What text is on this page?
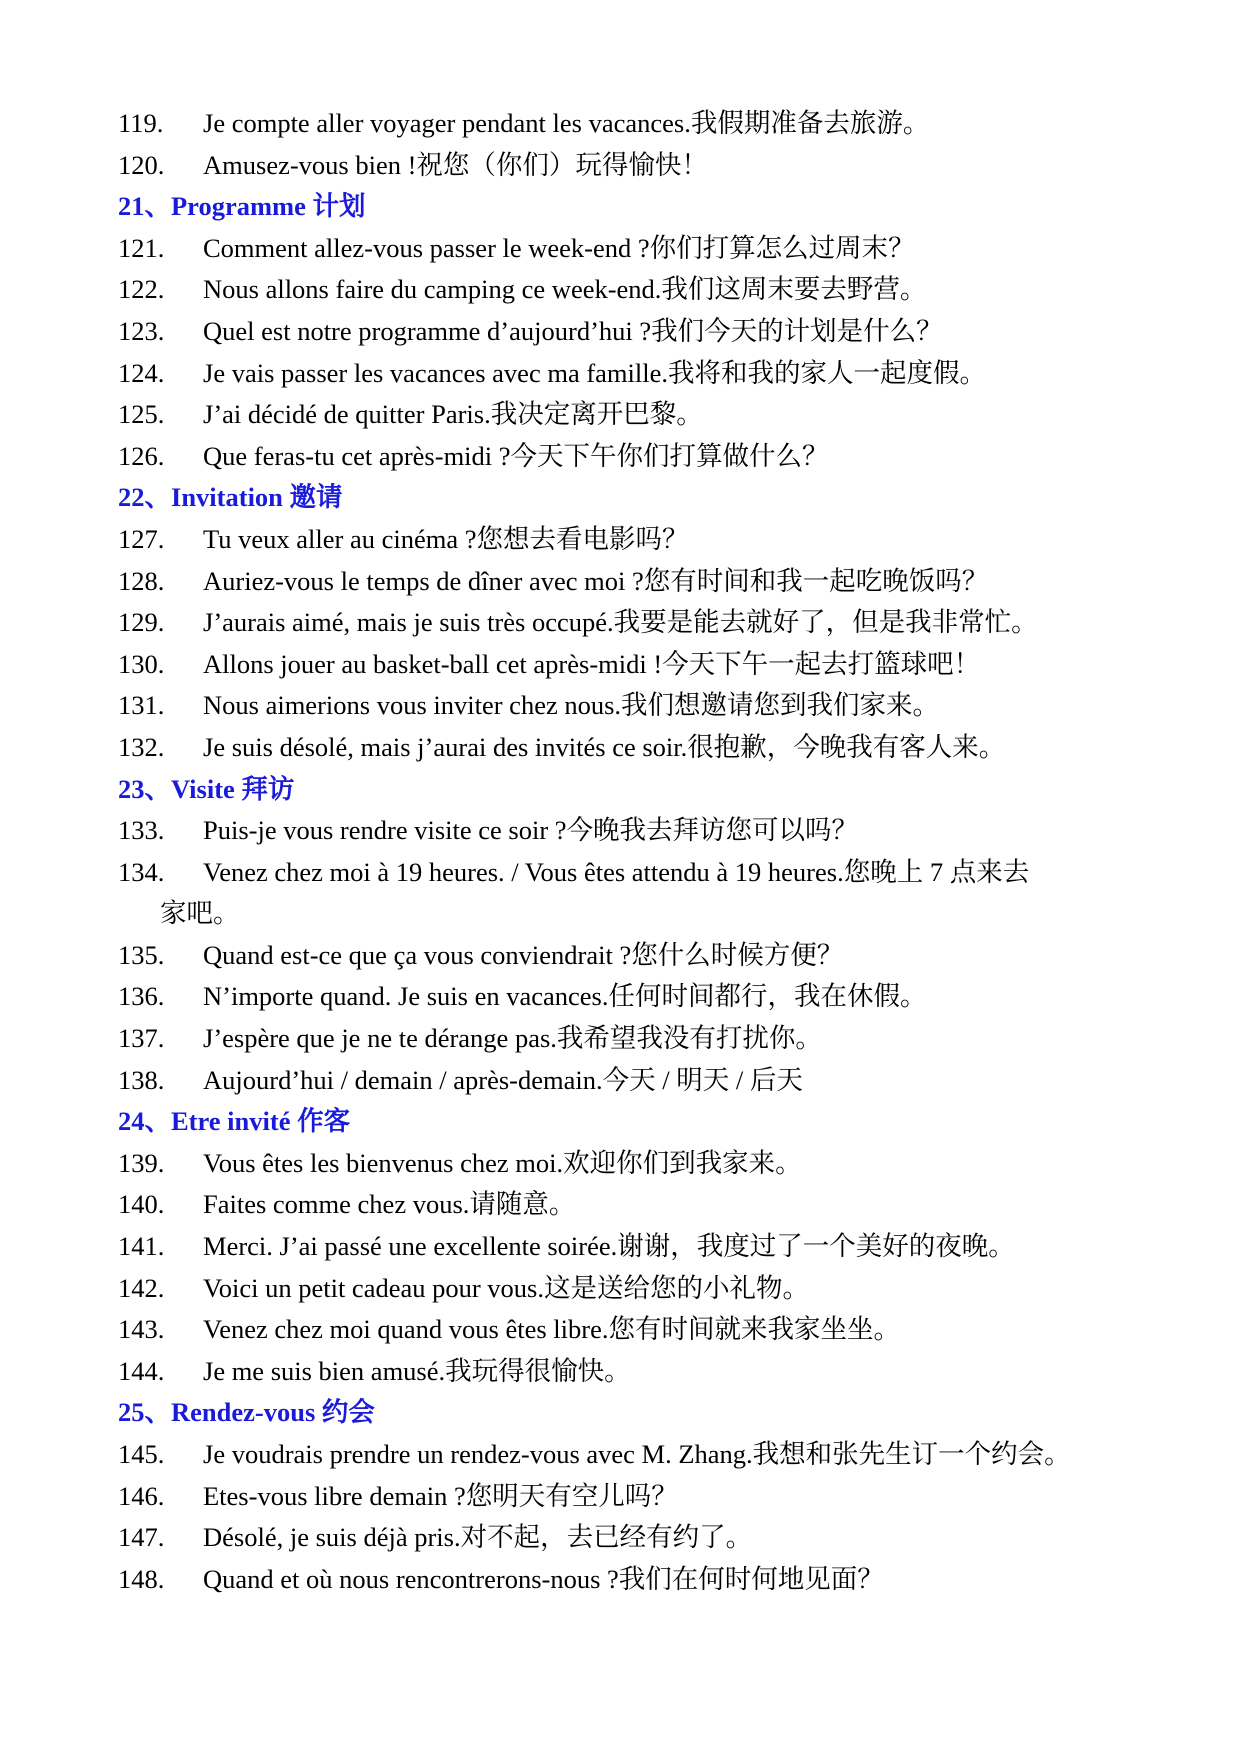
119. Je compte aller voyager pendant les vacances.我假期准备去旅游。
120. Amusez-vous bien !祝您（你们）玩得愉快！
21、Programme 计划
121. Comment allez-vous passer le week-end ?你们打算怎么过周末？
122. Nous allons faire du camping ce week-end.我们这周末要去野营。
123. Quel est notre programme d’aujourd’hui ?我们今天的计划是什么？
124. Je vais passer les vacances avec ma famille.我将和我的家人一起度假。
125. J’ai décidé de quitter Paris.我决定离开巴黎。
126. Que feras-tu cet après-midi ?今天下午你们打算做什么？
22、Invitation 邀请
127. Tu veux aller au cinéma ?您想去看电影吗？
128. Auriez-vous le temps de dîner avec moi ?您有时间和我一起吃晚饭吗？
129. J’aurais aimé, mais je suis très occupé.我要是能去就好了，但是我非常忙。
130. Allons jouer au basket-ball cet après-midi !今天下午一起去打篮球吧！
131. Nous aimerions vous inviter chez nous.我们想邀请您到我们家来。
132. Je suis désolé, mais j’aurai des invités ce soir.很抱歉，今晚我有客人来。
23、Visite 拜访
133. Puis-je vous rendre visite ce soir ?今晚我去拜访您可以吗？
134. Venez chez moi à 19 heures. / Vous êtes attendu à 19 heures.您晚上 7 点来去
家吧。
135. Quand est-ce que ça vous conviendrait ?您什么时候方便？
136. N’importe quand. Je suis en vacances.任何时间都行，我在休假。
137. J’espère que je ne te dérange pas.我希望我没有打扰你。
138. Aujourd’hui / demain / après-demain.今天 / 明天 / 后天
24、Etre invité 作客
139. Vous êtes les bienvenus chez moi.欢迎你们到我家来。
140. Faites comme chez vous.请随意。
141. Merci. J’ai passé une excellente soirée.谢谢，我度过了一个美好的夜晚。
142. Voici un petit cadeau pour vous.这是送给您的小礼物。
143. Venez chez moi quand vous êtes libre.您有时间就来我家坐坐。
144. Je me suis bien amusé.我玩得很愉快。
25、Rendez-vous 约会
145. Je voudrais prendre un rendez-vous avec M. Zhang.我想和张先生订一个约会。
146. Etes-vous libre demain ?您明天有空儿吗？
147. Désolé, je suis déjà pris.对不起，去已经有约了。
148. Quand et où nous rencontrerons-nous ?我们在何时何地见面？
